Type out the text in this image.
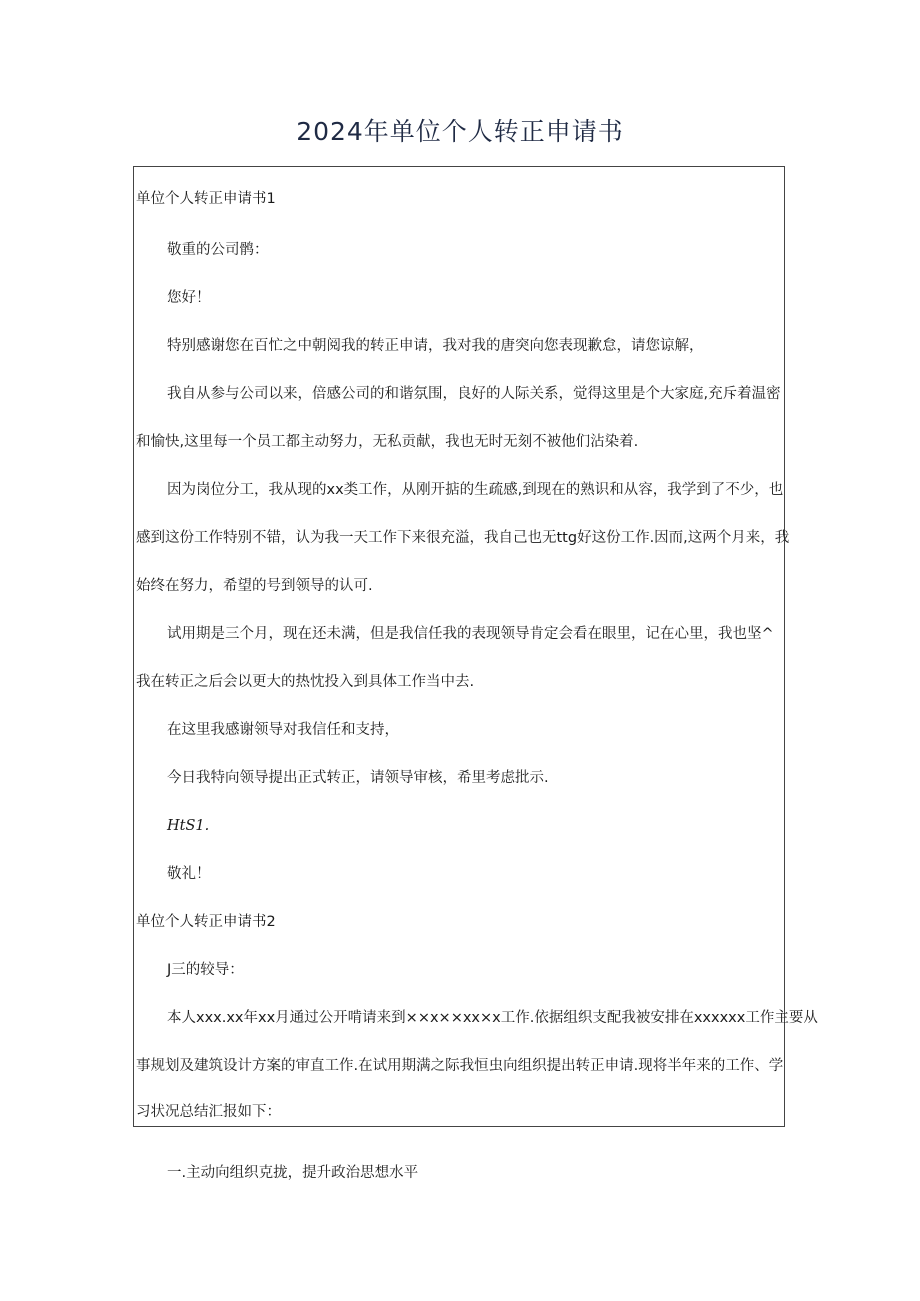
2024年单位个人转正申请书
单位个人转正申请书1
敬重的公司鹘：
您好！
特别感谢您在百忙之中朝阅我的转正申请，我对我的唐突向您表现歉怠，请您谅解，
我自从参与公司以来，倍感公司的和谐氛围，良好的人际关系，觉得这里是个大家庭,充斥着温密
和愉快,这里每一个员工都主动努力，无私贡献，我也无时无刻不被他们沾染着.
因为岗位分工，我从现的xx类工作，从刚开掂的生疏感,到现在的熟识和从容，我学到了不少，也
感到这份工作特别不错，认为我一天工作下来很充溢，我自己也无ttg好这份工作.因而,这两个月来，我
始终在努力，希望的号到领导的认可.
试用期是三个月，现在还未满，但是我信任我的表现领导肯定会看在眼里，记在心里，我也坚^
我在转正之后会以更大的热忱投入到具体工作当中去.
在这里我感谢领导对我信任和支持，
今日我特向领导提出正式转正，请领导审核，希里考虑批示.
HtS1.
敬礼！
单位个人转正申请书2
J三的较导：
本人xxx.xx年xx月通过公开啃请来到××x××xx×x工作.依据组织支配我被安排在xxxxxx工作主要从
事规划及建筑设计方案的审直工作.在试用期满之际我恒虫向组织提出转正申请.现将半年来的工作、学
习状况总结汇报如下：
一.主动向组织克拢，提升政治思想水平
